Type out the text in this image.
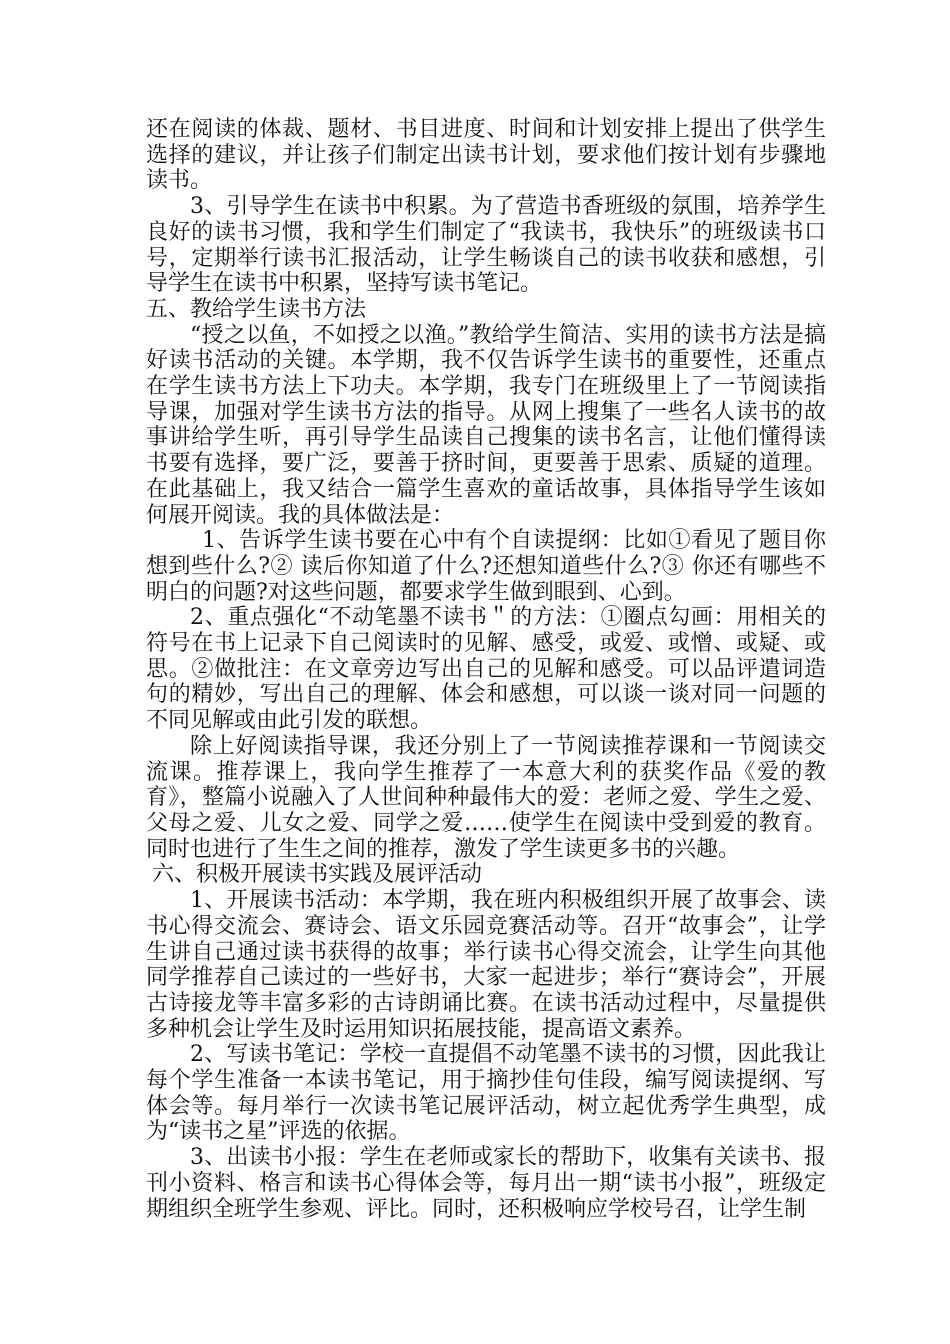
还在阅读的体裁、题材、书目进度、时间和计划安排上提出了供学生选择的建议，并让孩子们制定出读书计划，要求他们按计划有步骤地读书。

3、引导学生在读书中积累。为了营造书香班级的氛围，培养学生良好的读书习惯，我和学生们制定了“我读书，我快乐”的班级读书口号，定期举行读书汇报活动，让学生畅谈自己的读书收获和感想，引导学生在读书中积累，坚持写读书笔记。

五、教给学生读书方法

“授之以鱼，不如授之以渔。”教给学生简洁、实用的读书方法是搞好读书活动的关键。本学期，我不仅告诉学生读书的重要性，还重点在学生读书方法上下功夫。本学期，我专门在班级里上了一节阅读指导课，加强对学生读书方法的指导。从网上搜集了一些名人读书的故事讲给学生听，再引导学生品读自己搜集的读书名言，让他们懂得读书要有选择，要广泛，要善于挤时间，更要善于思索、质疑的道理。在此基础上，我又结合一篇学生喜欢的童话故事，具体指导学生该如何展开阅读。我的具体做法是：

1、告诉学生读书要在心中有个自读提纲：比如①看见了题目你想到些什么?② 读后你知道了什么?还想知道些什么?③ 你还有哪些不明白的问题?对这些问题，都要求学生做到眼到、心到。

2、重点强化“不动笔墨不读书＂的方法：①圈点勾画：用相关的符号在书上记录下自己阅读时的见解、感受，或爱、或憎、或疑、或思。②做批注：在文章旁边写出自己的见解和感受。可以品评遣词造句的精妙，写出自己的理解、体会和感想，可以谈一谈对同一问题的不同见解或由此引发的联想。

除上好阅读指导课，我还分别上了一节阅读推荐课和一节阅读交流课。推荐课上，我向学生推荐了一本意大利的获奖作品《爱的教育》，整篇小说融入了人世间种种最伟大的爱：老师之爱、学生之爱、父母之爱、儿女之爱、同学之爱……使学生在阅读中受到爱的教育。同时也进行了生生之间的推荐，激发了学生读更多书的兴趣。

六、积极开展读书实践及展评活动

1、开展读书活动：本学期，我在班内积极组织开展了故事会、读书心得交流会、赛诗会、语文乐园竞赛活动等。召开“故事会”，让学生讲自己通过读书获得的故事；举行读书心得交流会，让学生向其他同学推荐自己读过的一些好书，大家一起进步；举行“赛诗会”，开展古诗接龙等丰富多彩的古诗朗诵比赛。在读书活动过程中，尽量提供多种机会让学生及时运用知识拓展技能，提高语文素养。

2、写读书笔记：学校一直提倡不动笔墨不读书的习惯，因此我让每个学生准备一本读书笔记，用于摘抄佳句佳段，编写阅读提纲、写体会等。每月举行一次读书笔记展评活动，树立起优秀学生典型，成为“读书之星”评选的依据。

3、出读书小报：学生在老师或家长的帮助下，收集有关读书、报刊小资料、格言和读书心得体会等，每月出一期“读书小报”，班级定期组织全班学生参观、评比。同时，还积极响应学校号召，让学生制
